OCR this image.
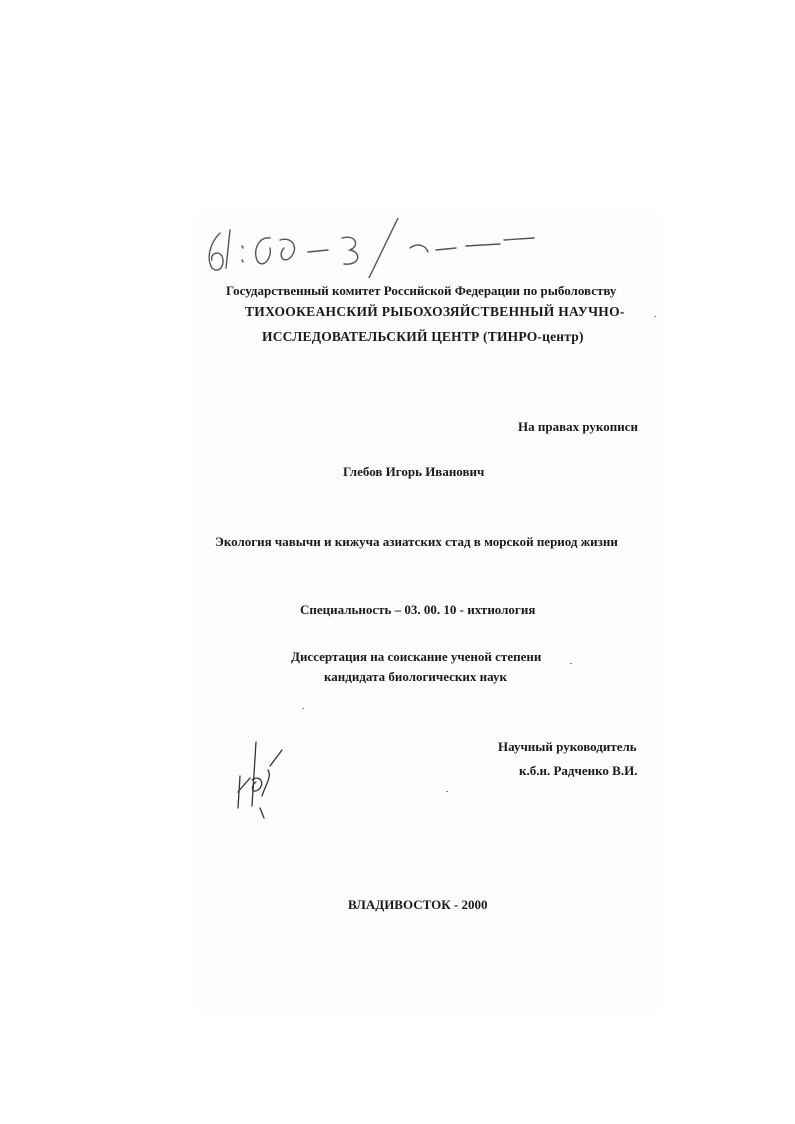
Государственный комитет Российской Федерации по рыболовству
ТИХООКЕАНСКИЙ РЫБОХОЗЯЙСТВЕННЫЙ НАУЧНО-
ИССЛЕДОВАТЕЛЬСКИЙ ЦЕНТР (ТИНРО-центр)
На правах рукописи
Глебов Игорь Иванович
Экология чавычи и кижуча азиатских стад в морской период жизни
Специальность – 03. 00. 10 - ихтиология
Диссертация на соискание ученой степени
кандидата биологических наук
Научный руководитель
к.б.н. Радченко В.И.
ВЛАДИВОСТОК - 2000
